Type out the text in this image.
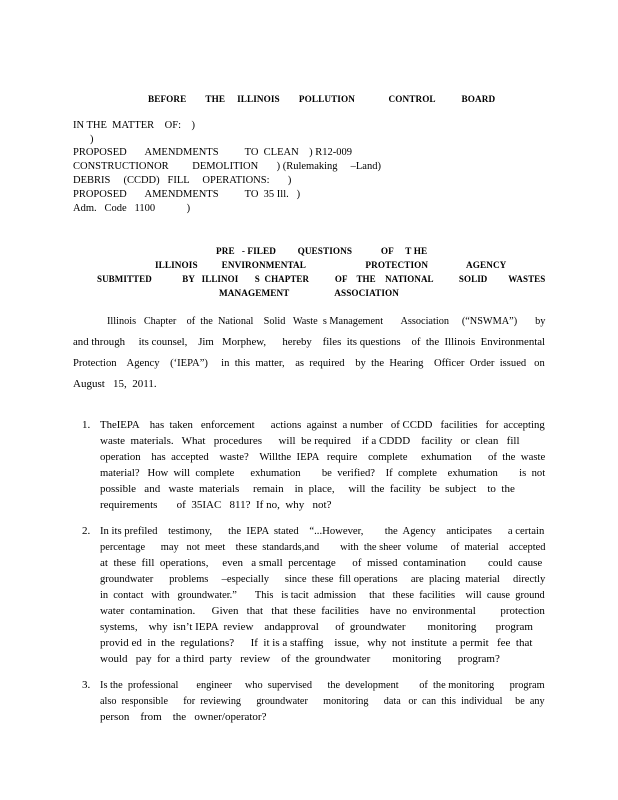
BEFORE        THE     ILLINOIS        POLLUTION              CONTROL           BOARD
IN THE  MATTER    OF:    )
)
PROPOSED       AMENDMENTS          TO  CLEAN    ) R12-009
CONSTRUCTIONOR         DEMOLITION       ) (Rulemaking     –Land)
DEBRIS     (CCDD)   FILL     OPERATIONS:       )
PROPOSED       AMENDMENTS          TO  35 Ill.   )
Adm.   Code   1100            )
PRE   - FILED         QUESTIONS            OF     T HE
ILLINOIS          ENVIRONMENTAL                         PROTECTION                AGENCY
SUBMITTED             BY   ILLINOI       S  CHAPTER           OF    THE    NATIONAL           SOLID         WASTES
MANAGEMENT                   ASSOCIATION
Illinois   Chapter    of  the  National    Solid   Waste  s Management       Association     (“NSWMA”)       by
and through     its counsel,    Jim   Morphew,      hereby    files  its questions    of  the  Illinois  Environmental
Protection    Agency    (‘IEPA”)     in  this  matter,    as  required    by  the  Hearing    Officer  Order  issued   on
August   15,  2011.
1. TheIEPA    has  taken   enforcement      actions  against  a number   of CCDD   facilities   for  accepting
waste  materials.   What   procedures      will  be required    if a CDDD    facility   or  clean   fill
operation    has  accepted    waste?    Willthe  IEPA   require    complete     exhumation      of  the  waste
material?   How  will  complete      exhumation        be  verified?    If  complete    exhumation        is  not
possible   and   waste  materials     remain    in  place,     will  the  facility   be  subject    to  the
requirements       of  35IAC   811?  If no,  why   not?
2. In its prefiled    testimony,      the  IEPA  stated    “...However,        the  Agency    anticipates      a certain
percentage      may   not  meet    these  standards,and        with  the sheer  volume     of  material    accepted
at  these  fill  operations,     even   a small  percentage      of  missed  contamination        could  cause
groundwater      problems     –especially      since  these  fill operations     are  placing  material     directly
in  contact   with   groundwater.”       This   is tacit  admission     that   these  facilities    will  cause  ground
water  contamination.      Given   that   that  these  facilities    have  no  environmental         protection
systems,    why  isn’t IEPA  review    andapproval      of  groundwater        monitoring       program
provid ed  in  the  regulations?      If  it is a staffing    issue,   why  not  institute  a permit   fee  that
would   pay  for  a third  party   review    of  the  groundwater        monitoring      program?
3. Is the  professional       engineer     who  supervised      the  development        of  the monitoring      program
also  responsible      for  reviewing      groundwater      monitoring      data   or  can  this  individual     be  any
person    from    the   owner/operator?
